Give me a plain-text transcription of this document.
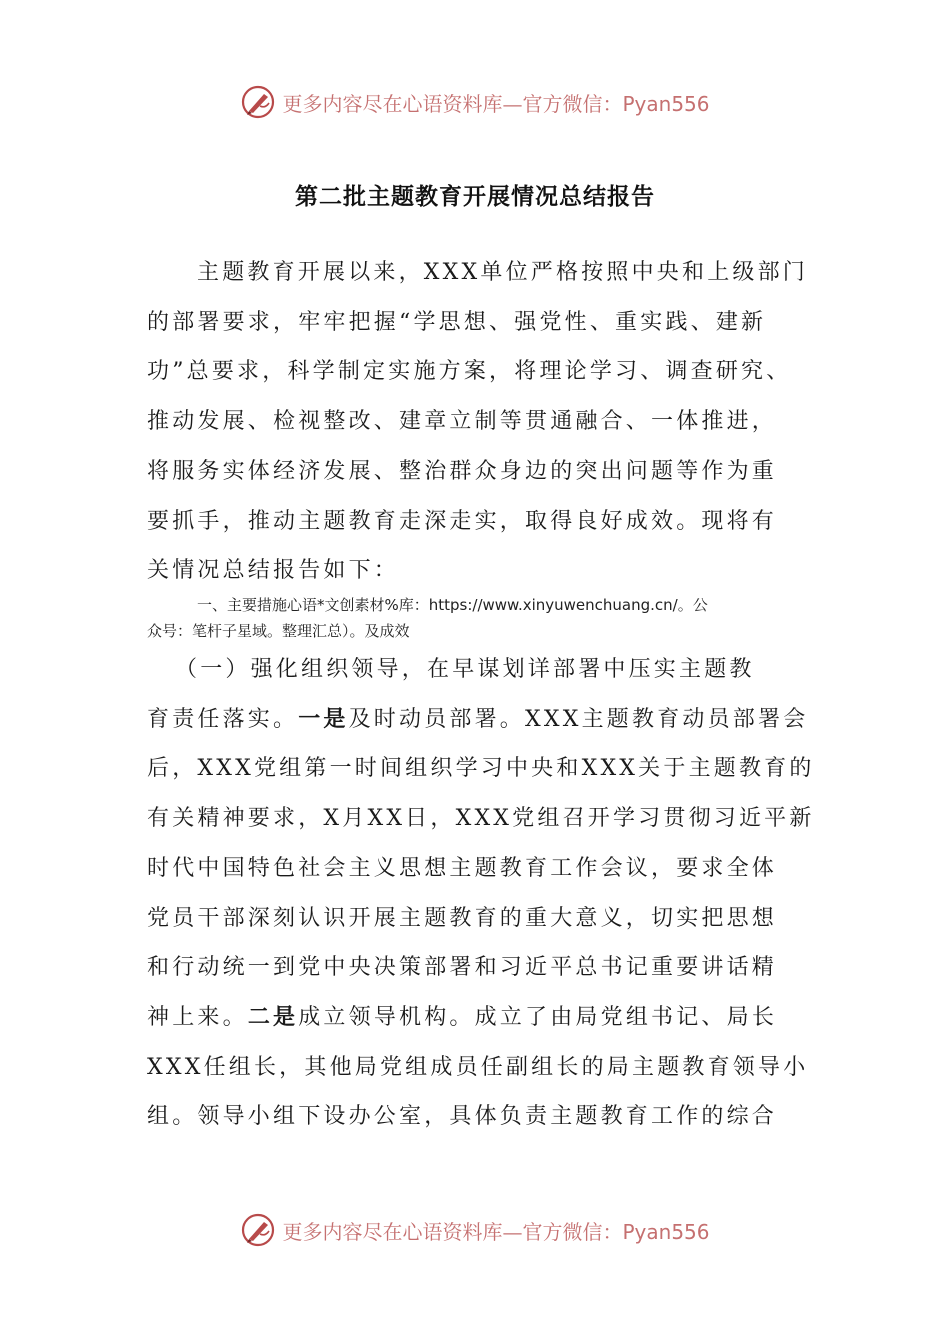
更多内容尽在心语资料库—官方微信：Pyan556
第二批主题教育开展情况总结报告
主题教育开展以来，XXX单位严格按照中央和上级部门
的部署要求，牢牢把握“学思想、强党性、重实践、建新
功”总要求，科学制定实施方案，将理论学习、调查研究、
推动发展、检视整改、建章立制等贯通融合、一体推进，
将服务实体经济发展、整治群众身边的突出问题等作为重
要抓手，推动主题教育走深走实，取得良好成效。现将有
关情况总结报告如下：
一、主要措施心语*文创素材%库：https://www.xinyuwenchuang.cn/。公
众号：笔杆子星域。整理汇总）。及成效
（一）强化组织领导，在早谋划详部署中压实主题教
育责任落实。一是及时动员部署。XXX主题教育动员部署会
后，XXX党组第一时间组织学习中央和XXX关于主题教育的
有关精神要求，X月XX日，XXX党组召开学习贯彻习近平新
时代中国特色社会主义思想主题教育工作会议，要求全体
党员干部深刻认识开展主题教育的重大意义，切实把思想
和行动统一到党中央决策部署和习近平总书记重要讲话精
神上来。二是成立领导机构。成立了由局党组书记、局长
XXX任组长，其他局党组成员任副组长的局主题教育领导小
组。领导小组下设办公室，具体负责主题教育工作的综合
更多内容尽在心语资料库—官方微信：Pyan556
